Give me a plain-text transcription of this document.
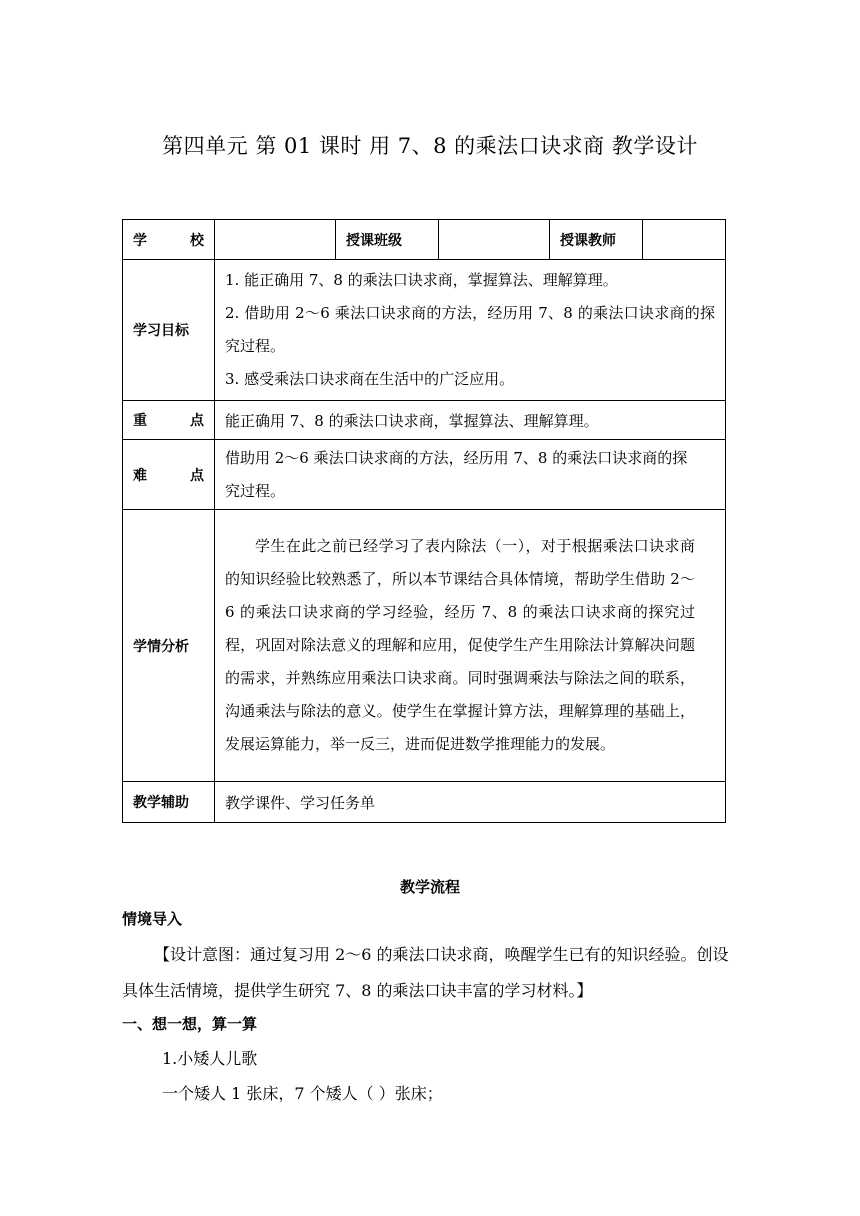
第四单元 第 01 课时 用 7、8 的乘法口诀求商 教学设计
学 校		授课班级		授课教师	
学习目标	1. 能正确用 7、8 的乘法口诀求商，掌握算法、理解算理。
2. 借助用 2～6 乘法口诀求商的方法，经历用 7、8 的乘法口诀求商的探究过程。
3. 感受乘法口诀求商在生活中的广泛应用。				

重 点	能正确用 7、8 的乘法口诀求商，掌握算法、理解算理。				
难 点	借助用 2～6 乘法口诀求商的方法，经历用 7、8 的乘法口诀求商的探究过程。				
学情分析	学生在此之前已经学习了表内除法（一），对于根据乘法口诀求商的知识经验比较熟悉了，所以本节课结合具体情境，帮助学生借助 2～6 的乘法口诀求商的学习经验，经历 7、8 的乘法口诀求商的探究过程，巩固对除法意义的理解和应用，促使学生产生用除法计算解决问题的需求，并熟练应用乘法口诀求商。同时强调乘法与除法之间的联系，沟通乘法与除法的意义。使学生在掌握计算方法，理解算理的基础上，发展运算能力，举一反三，进而促进数学推理能力的发展。				

教学辅助	教学课件、学习任务单				
教学流程
情境导入
【设计意图：通过复习用 2～6 的乘法口诀求商，唤醒学生已有的知识经验。创设具体生活情境，提供学生研究 7、8 的乘法口诀丰富的学习材料。】
一、想一想，算一算
1.小矮人儿歌
一个矮人 1 张床，7 个矮人（ ）张床；
